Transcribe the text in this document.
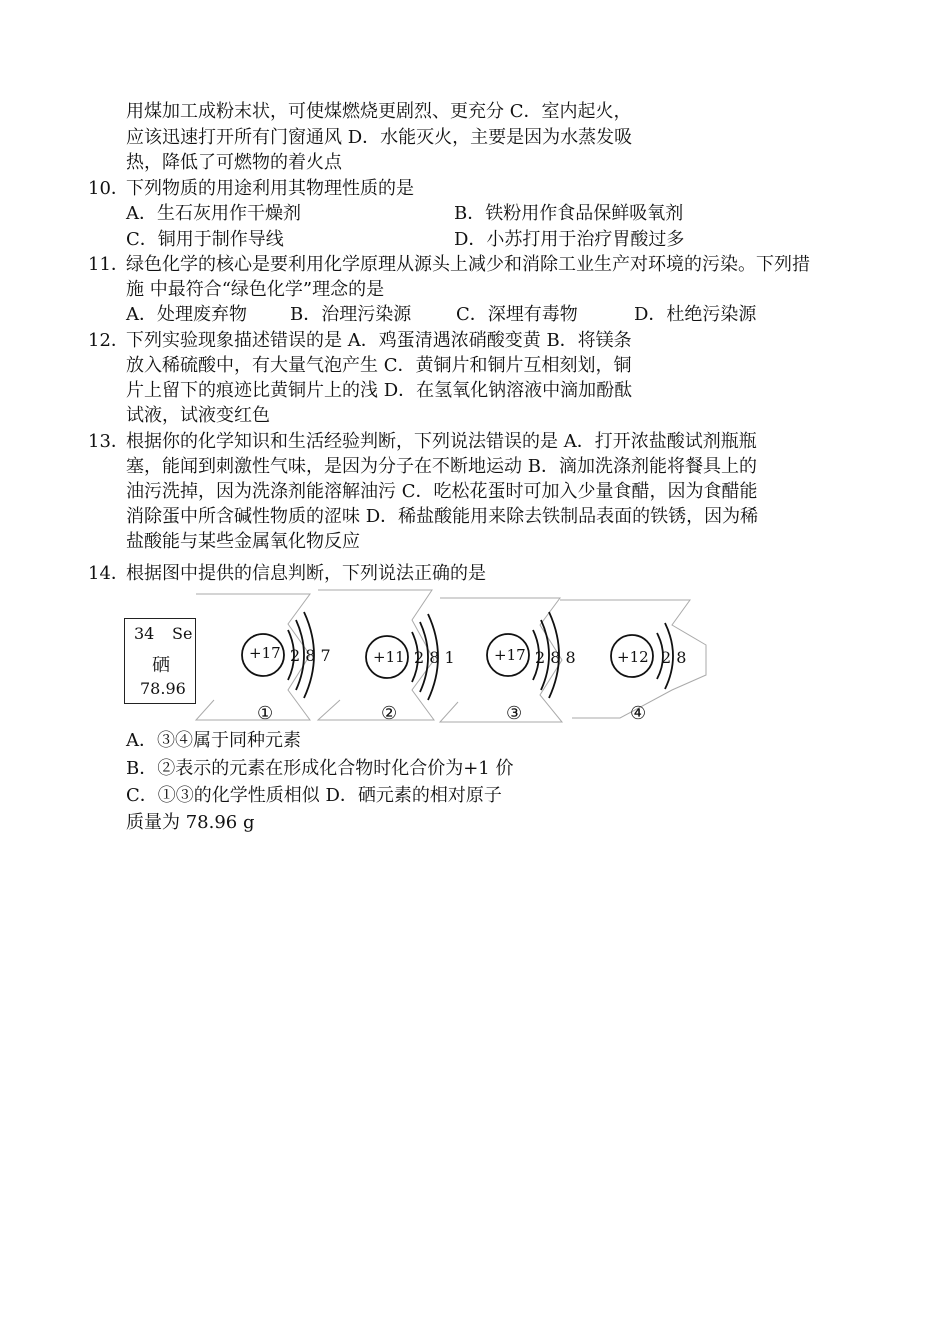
用煤加工成粉末状，可使煤燃烧更剧烈、更充分 C．室内起火，
应该迅速打开所有门窗通风 D．水能灭火，主要是因为水蒸发吸
热，降低了可燃物的着火点
10．
下列物质的用途利用其物理性质的是
A．生石灰用作干燥剂	B．铁粉用作食品保鲜吸氧剂
C．铜用于制作导线	D．小苏打用于治疗胃酸过多
11．
绿色化学的核心是要利用化学原理从源头上减少和消除工业生产对环境的污染。下列措
施 中最符合“绿色化学”理念的是
A．处理废弃物 B．治理污染源 C．深埋有毒物	D．杜绝污染源
12．
下列实验现象描述错误的是 A．鸡蛋清遇浓硝酸变黄 B．将镁条
放入稀硫酸中，有大量气泡产生 C．黄铜片和铜片互相刻划，铜
片上留下的痕迹比黄铜片上的浅 D．在氢氧化钠溶液中滴加酚酞
试液，试液变红色
13．
根据你的化学知识和生活经验判断，下列说法错误的是 A．打开浓盐酸试剂瓶瓶
塞，能闻到刺激性气味，是因为分子在不断地运动 B．滴加洗涤剂能将餐具上的
油污洗掉，因为洗涤剂能溶解油污 C．吃松花蛋时可加入少量食醋，因为食醋能
消除蛋中所含碱性物质的涩味 D．稀盐酸能用来除去铁制品表面的铁锈，因为稀
盐酸能与某些金属氧化物反应
14．
根据图中提供的信息判断，下列说法正确的是
34 Se
硒
78.96
+17 2 8 7
①
+11 2 8 1
②
+17 2 8 8
③
+12 2 8
④
A．③④属于同种元素
B．②表示的元素在形成化合物时化合价为+1 价
C．①③的化学性质相似 D．硒元素的相对原子
质量为 78.96 g
